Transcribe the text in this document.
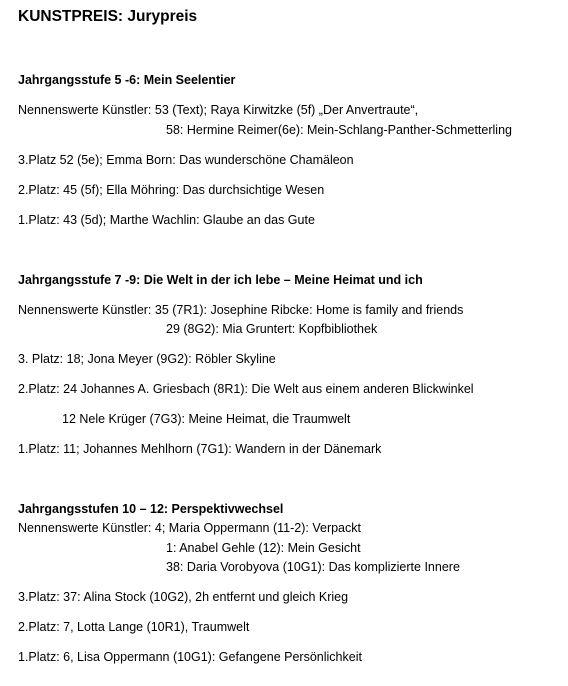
KUNSTPREIS: Jurypreis
Jahrgangsstufe 5 -6: Mein Seelentier
Nennenswerte Künstler: 53 (Text); Raya Kirwitzke (5f) „Der Anvertraute“,
58: Hermine Reimer(6e): Mein-Schlang-Panther-Schmetterling
3.Platz 52 (5e); Emma Born: Das wunderschöne Chamäleon
2.Platz: 45 (5f); Ella Möhring: Das durchsichtige Wesen
1.Platz: 43 (5d); Marthe Wachlin: Glaube an das Gute
Jahrgangsstufe 7 -9: Die Welt in der ich lebe – Meine Heimat und ich
Nennenswerte Künstler: 35 (7R1): Josephine Ribcke: Home is family and friends
29 (8G2): Mia Gruntert: Kopfbibliothek
3. Platz: 18; Jona Meyer (9G2): Röbler Skyline
2.Platz: 24 Johannes A. Griesbach (8R1): Die Welt aus einem anderen Blickwinkel
12 Nele Krüger (7G3): Meine Heimat, die Traumwelt
1.Platz: 11; Johannes Mehlhorn (7G1): Wandern in der Dänemark
Jahrgangsstufen 10 – 12: Perspektivwechsel
Nennenswerte Künstler: 4; Maria Oppermann (11-2): Verpackt
1: Anabel Gehle (12): Mein Gesicht
38: Daria Vorobyova (10G1): Das komplizierte Innere
3.Platz: 37: Alina Stock (10G2), 2h entfernt und gleich Krieg
2.Platz: 7, Lotta Lange (10R1), Traumwelt
1.Platz: 6, Lisa Oppermann (10G1): Gefangene Persönlichkeit
